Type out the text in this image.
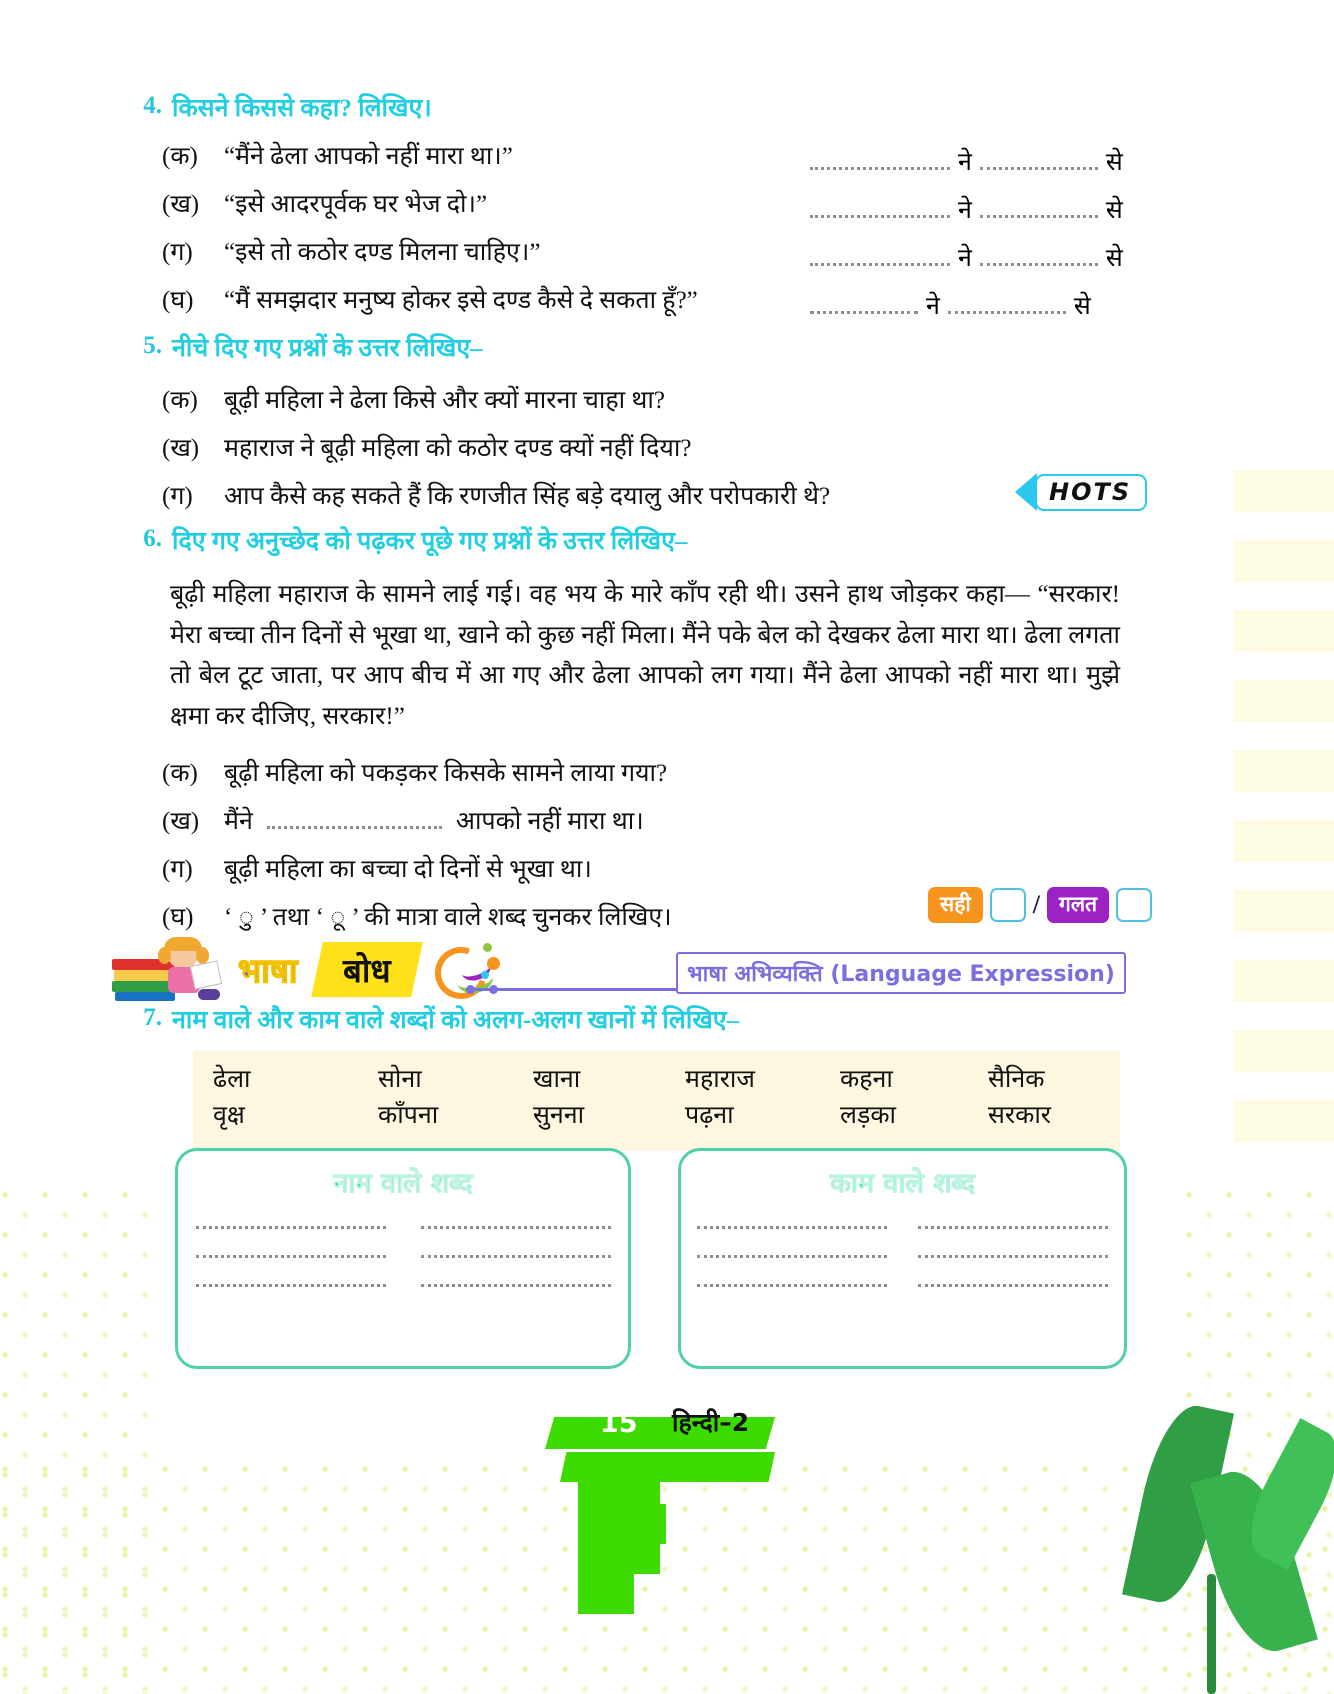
4. किसने किससे कहा? लिखिए।
(क)	“मैंने ढेला आपको नहीं मारा था।”	ने	से
(ख) “इसे आदरपूर्वक घर भेज दो।”	ने	से
(ग)	“इसे तो कठोर दण्ड मिलना चाहिए।”	ने	से
(घ)	“मैं समझदार मनुष्य होकर इसे दण्ड कैसे दे सकता हूँ?”	ने	से
5. नीचे दिए गए प्रश्नों के उत्तर लिखिए–
(क)	बूढ़ी महिला ने ढेला किसे और क्यों मारना चाहा था?
(ख) महाराज ने बूढ़ी महिला को कठोर दण्ड क्यों नहीं दिया?
(ग)	आप कैसे कह सकते हैं कि रणजीत सिंह बड़े दयालु और परोपकारी थे?	HOTS
6. दिए गए अनुच्छेद को पढ़कर पूछे गए प्रश्नों के उत्तर लिखिए–
बूढ़ी महिला महाराज के सामने लाई गई। वह भय के मारे काँप रही थी। उसने हाथ जोड़कर कहा— “सरकार! मेरा बच्चा तीन दिनों से भूखा था, खाने को कुछ नहीं मिला। मैंने पके बेल को देखकर ढेला मारा था। ढेला लगता तो बेल टूट जाता, पर आप बीच में आ गए और ढेला आपको लग गया। मैंने ढेला आपको नहीं मारा था। मुझे क्षमा कर दीजिए, सरकार!”
(क)	बूढ़ी महिला को पकड़कर किसके सामने लाया गया?
(ख) मैंने	आपको नहीं मारा था।
(ग)	बूढ़ी महिला का बच्चा दो दिनों से भूखा था।
(घ)	‘ ु ’ तथा ‘ ू ’ की मात्रा वाले शब्द चुनकर लिखिए।	सही	/ गलत
भाषा	बोध	भाषा अभिव्यक्ति (Language Expression)
7. नाम वाले और काम वाले शब्दों को अलग-अलग खानों में लिखिए–
ढेला	सोना	खाना	महाराज	कहना	सैनिक
वृक्ष	काँपना	सुनना	पढ़ना	लड़का	सरकार
नाम वाले शब्द	काम वाले शब्द
15 हिन्दी–2
